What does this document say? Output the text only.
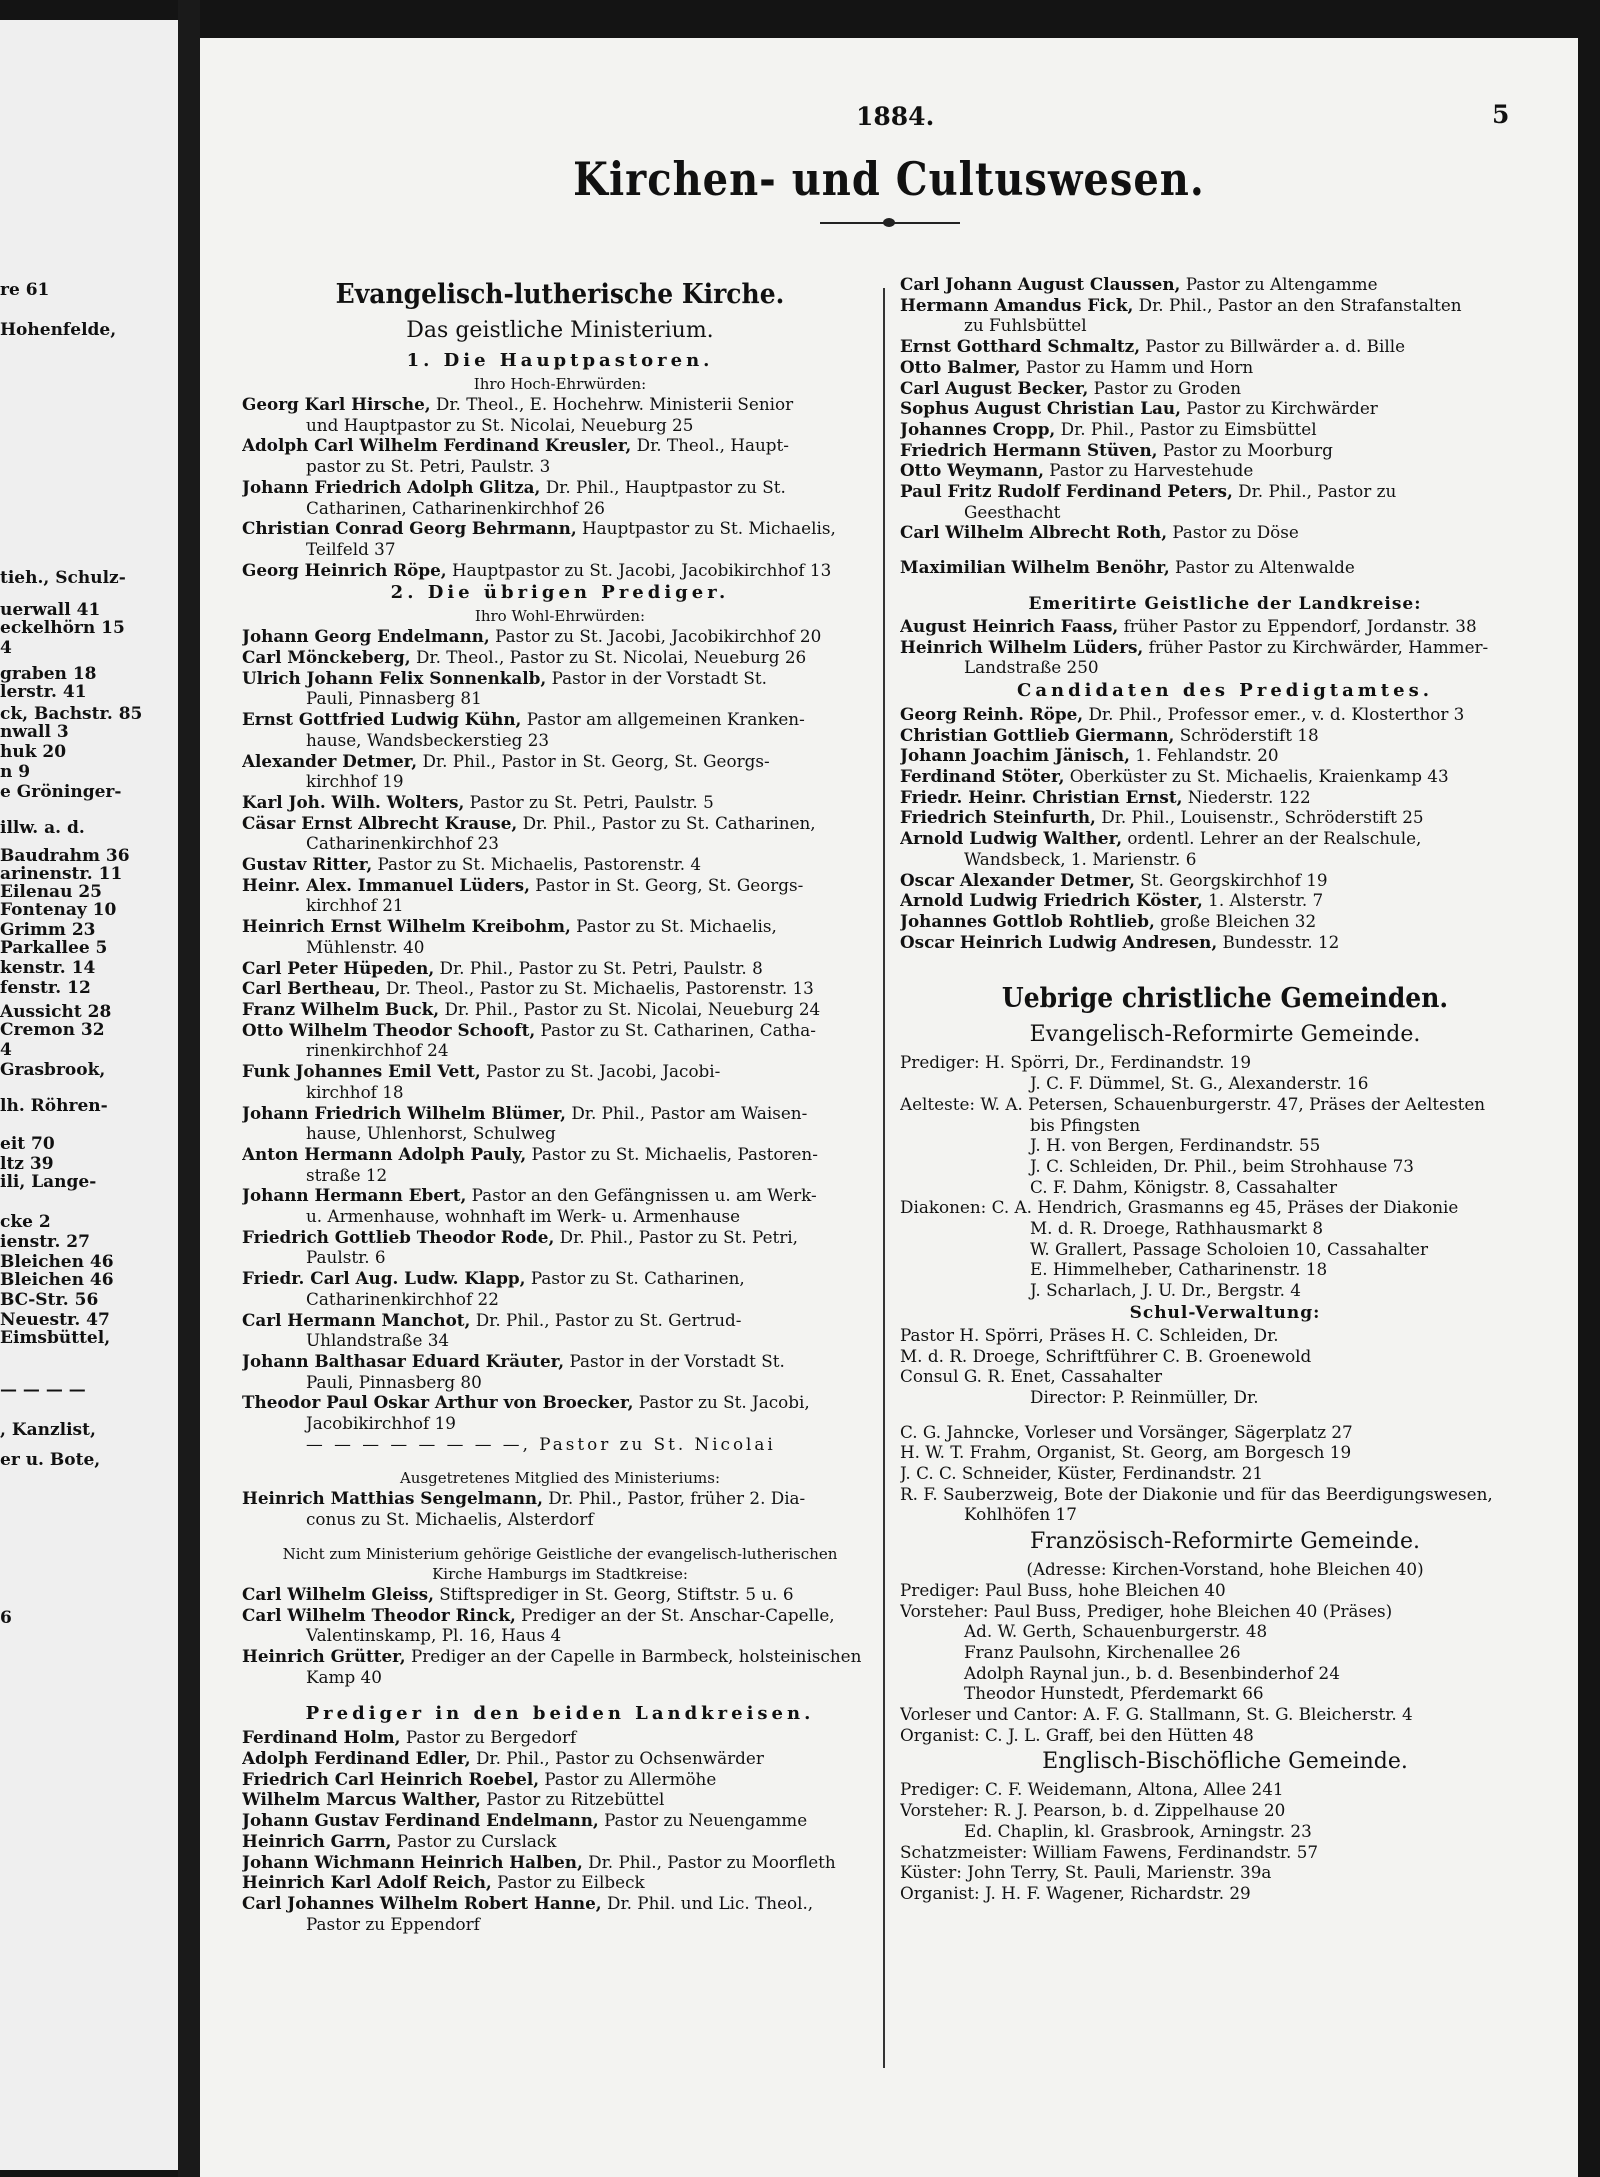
re 61
Hohenfelde,
tieh., Schulz-
uerwall 41
eckelhörn 15
4
graben 18
lerstr. 41
ck, Bachstr. 85
nwall 3
huk 20
n 9
e Gröninger-
illw. a. d.
Baudrahm 36
arinenstr. 11
Eilenau 25
Fontenay 10
Grimm 23
Parkallee 5
kenstr. 14
fenstr. 12
Aussicht 28
Cremon 32
4
Grasbrook,
lh. Röhren-
eit 70
ltz 39
ili, Lange-
cke 2
ienstr. 27
Bleichen 46
Bleichen 46
BC-Str. 56
Neuestr. 47
Eimsbüttel,
— — — —
, Kanzlist,
er u. Bote,
6
1884.	5
Kirchen- und Cultuswesen.
Evangelisch-lutherische Kirche.
Das geistliche Ministerium.
1. Die Hauptpastoren.
Ihro Hoch-Ehrwürden:
Georg Karl Hirsche, Dr. Theol., E. Hochehrw. Ministerii Senior
und Hauptpastor zu St. Nicolai, Neueburg 25
Adolph Carl Wilhelm Ferdinand Kreusler, Dr. Theol., Haupt-
pastor zu St. Petri, Paulstr. 3
Johann Friedrich Adolph Glitza, Dr. Phil., Hauptpastor zu St.
Catharinen, Catharinenkirchhof 26
Christian Conrad Georg Behrmann, Hauptpastor zu St. Michaelis,
Teilfeld 37
Georg Heinrich Röpe, Hauptpastor zu St. Jacobi, Jacobikirchhof 13
2. Die übrigen Prediger.
Ihro Wohl-Ehrwürden:
Johann Georg Endelmann, Pastor zu St. Jacobi, Jacobikirchhof 20
Carl Mönckeberg, Dr. Theol., Pastor zu St. Nicolai, Neueburg 26
Ulrich Johann Felix Sonnenkalb, Pastor in der Vorstadt St.
Pauli, Pinnasberg 81
Ernst Gottfried Ludwig Kühn, Pastor am allgemeinen Kranken-
hause, Wandsbeckerstieg 23
Alexander Detmer, Dr. Phil., Pastor in St. Georg, St. Georgs-
kirchhof 19
Karl Joh. Wilh. Wolters, Pastor zu St. Petri, Paulstr. 5
Cäsar Ernst Albrecht Krause, Dr. Phil., Pastor zu St. Catharinen,
Catharinenkirchhof 23
Gustav Ritter, Pastor zu St. Michaelis, Pastorenstr. 4
Heinr. Alex. Immanuel Lüders, Pastor in St. Georg, St. Georgs-
kirchhof 21
Heinrich Ernst Wilhelm Kreibohm, Pastor zu St. Michaelis,
Mühlenstr. 40
Carl Peter Hüpeden, Dr. Phil., Pastor zu St. Petri, Paulstr. 8
Carl Bertheau, Dr. Theol., Pastor zu St. Michaelis, Pastorenstr. 13
Franz Wilhelm Buck, Dr. Phil., Pastor zu St. Nicolai, Neueburg 24
Otto Wilhelm Theodor Schooft, Pastor zu St. Catharinen, Catha-
rinenkirchhof 24
Funk Johannes Emil Vett, Pastor zu St. Jacobi, Jacobi-
kirchhof 18
Johann Friedrich Wilhelm Blümer, Dr. Phil., Pastor am Waisen-
hause, Uhlenhorst, Schulweg
Anton Hermann Adolph Pauly, Pastor zu St. Michaelis, Pastoren-
straße 12
Johann Hermann Ebert, Pastor an den Gefängnissen u. am Werk-
u. Armenhause, wohnhaft im Werk- u. Armenhause
Friedrich Gottlieb Theodor Rode, Dr. Phil., Pastor zu St. Petri,
Paulstr. 6
Friedr. Carl Aug. Ludw. Klapp, Pastor zu St. Catharinen,
Catharinenkirchhof 22
Carl Hermann Manchot, Dr. Phil., Pastor zu St. Gertrud-
Uhlandstraße 34
Johann Balthasar Eduard Kräuter, Pastor in der Vorstadt St.
Pauli, Pinnasberg 80
Theodor Paul Oskar Arthur von Broecker, Pastor zu St. Jacobi,
Jacobikirchhof 19
— — — — — — — —, Pastor zu St. Nicolai
Ausgetretenes Mitglied des Ministeriums:
Heinrich Matthias Sengelmann, Dr. Phil., Pastor, früher 2. Dia-
conus zu St. Michaelis, Alsterdorf
Nicht zum Ministerium gehörige Geistliche der evangelisch-lutherischen
Kirche Hamburgs im Stadtkreise:
Carl Wilhelm Gleiss, Stiftsprediger in St. Georg, Stiftstr. 5 u. 6
Carl Wilhelm Theodor Rinck, Prediger an der St. Anschar-Capelle,
Valentinskamp, Pl. 16, Haus 4
Heinrich Grütter, Prediger an der Capelle in Barmbeck, holsteinischen
Kamp 40
Prediger in den beiden Landkreisen.
Ferdinand Holm, Pastor zu Bergedorf
Adolph Ferdinand Edler, Dr. Phil., Pastor zu Ochsenwärder
Friedrich Carl Heinrich Roebel, Pastor zu Allermöhe
Wilhelm Marcus Walther, Pastor zu Ritzebüttel
Johann Gustav Ferdinand Endelmann, Pastor zu Neuengamme
Heinrich Garrn, Pastor zu Curslack
Johann Wichmann Heinrich Halben, Dr. Phil., Pastor zu Moorfleth
Heinrich Karl Adolf Reich, Pastor zu Eilbeck
Carl Johannes Wilhelm Robert Hanne, Dr. Phil. und Lic. Theol.,
Pastor zu Eppendorf
Carl Johann August Claussen, Pastor zu Altengamme
Hermann Amandus Fick, Dr. Phil., Pastor an den Strafanstalten
zu Fuhlsbüttel
Ernst Gotthard Schmaltz, Pastor zu Billwärder a. d. Bille
Otto Balmer, Pastor zu Hamm und Horn
Carl August Becker, Pastor zu Groden
Sophus August Christian Lau, Pastor zu Kirchwärder
Johannes Cropp, Dr. Phil., Pastor zu Eimsbüttel
Friedrich Hermann Stüven, Pastor zu Moorburg
Otto Weymann, Pastor zu Harvestehude
Paul Fritz Rudolf Ferdinand Peters, Dr. Phil., Pastor zu
Geesthacht
Carl Wilhelm Albrecht Roth, Pastor zu Döse
Maximilian Wilhelm Benöhr, Pastor zu Altenwalde
Emeritirte Geistliche der Landkreise:
August Heinrich Faass, früher Pastor zu Eppendorf, Jordanstr. 38
Heinrich Wilhelm Lüders, früher Pastor zu Kirchwärder, Hammer-
Landstraße 250
Candidaten des Predigtamtes.
Georg Reinh. Röpe, Dr. Phil., Professor emer., v. d. Klosterthor 3
Christian Gottlieb Giermann, Schröderstift 18
Johann Joachim Jänisch, 1. Fehlandstr. 20
Ferdinand Stöter, Oberküster zu St. Michaelis, Kraienkamp 43
Friedr. Heinr. Christian Ernst, Niederstr. 122
Friedrich Steinfurth, Dr. Phil., Louisenstr., Schröderstift 25
Arnold Ludwig Walther, ordentl. Lehrer an der Realschule,
Wandsbeck, 1. Marienstr. 6
Oscar Alexander Detmer, St. Georgskirchhof 19
Arnold Ludwig Friedrich Köster, 1. Alsterstr. 7
Johannes Gottlob Rohtlieb, große Bleichen 32
Oscar Heinrich Ludwig Andresen, Bundesstr. 12
Uebrige christliche Gemeinden.
Evangelisch-Reformirte Gemeinde.
Prediger: H. Spörri, Dr., Ferdinandstr. 19
J. C. F. Dümmel, St. G., Alexanderstr. 16
Aelteste: W. A. Petersen, Schauenburgerstr. 47, Präses der Aeltesten
bis Pfingsten
J. H. von Bergen, Ferdinandstr. 55
J. C. Schleiden, Dr. Phil., beim Strohhause 73
C. F. Dahm, Königstr. 8, Cassahalter
Diakonen: C. A. Hendrich, Grasmanns eg 45, Präses der Diakonie
M. d. R. Droege, Rathhausmarkt 8
W. Grallert, Passage Scholoien 10, Cassahalter
E. Himmelheber, Catharinenstr. 18
J. Scharlach, J. U. Dr., Bergstr. 4
Schul-Verwaltung:
Pastor H. Spörri, Präses H. C. Schleiden, Dr.
M. d. R. Droege, Schriftführer C. B. Groenewold
Consul G. R. Enet, Cassahalter
Director: P. Reinmüller, Dr.
C. G. Jahncke, Vorleser und Vorsänger, Sägerplatz 27
H. W. T. Frahm, Organist, St. Georg, am Borgesch 19
J. C. C. Schneider, Küster, Ferdinandstr. 21
R. F. Sauberzweig, Bote der Diakonie und für das Beerdigungswesen,
Kohlhöfen 17
Französisch-Reformirte Gemeinde.
(Adresse: Kirchen-Vorstand, hohe Bleichen 40)
Prediger: Paul Buss, hohe Bleichen 40
Vorsteher: Paul Buss, Prediger, hohe Bleichen 40 (Präses)
Ad. W. Gerth, Schauenburgerstr. 48
Franz Paulsohn, Kirchenallee 26
Adolph Raynal jun., b. d. Besenbinderhof 24
Theodor Hunstedt, Pferdemarkt 66
Vorleser und Cantor: A. F. G. Stallmann, St. G. Bleicherstr. 4
Organist: C. J. L. Graff, bei den Hütten 48
Englisch-Bischöfliche Gemeinde.
Prediger: C. F. Weidemann, Altona, Allee 241
Vorsteher: R. J. Pearson, b. d. Zippelhause 20
Ed. Chaplin, kl. Grasbrook, Arningstr. 23
Schatzmeister: William Fawens, Ferdinandstr. 57
Küster: John Terry, St. Pauli, Marienstr. 39a
Organist: J. H. F. Wagener, Richardstr. 29
